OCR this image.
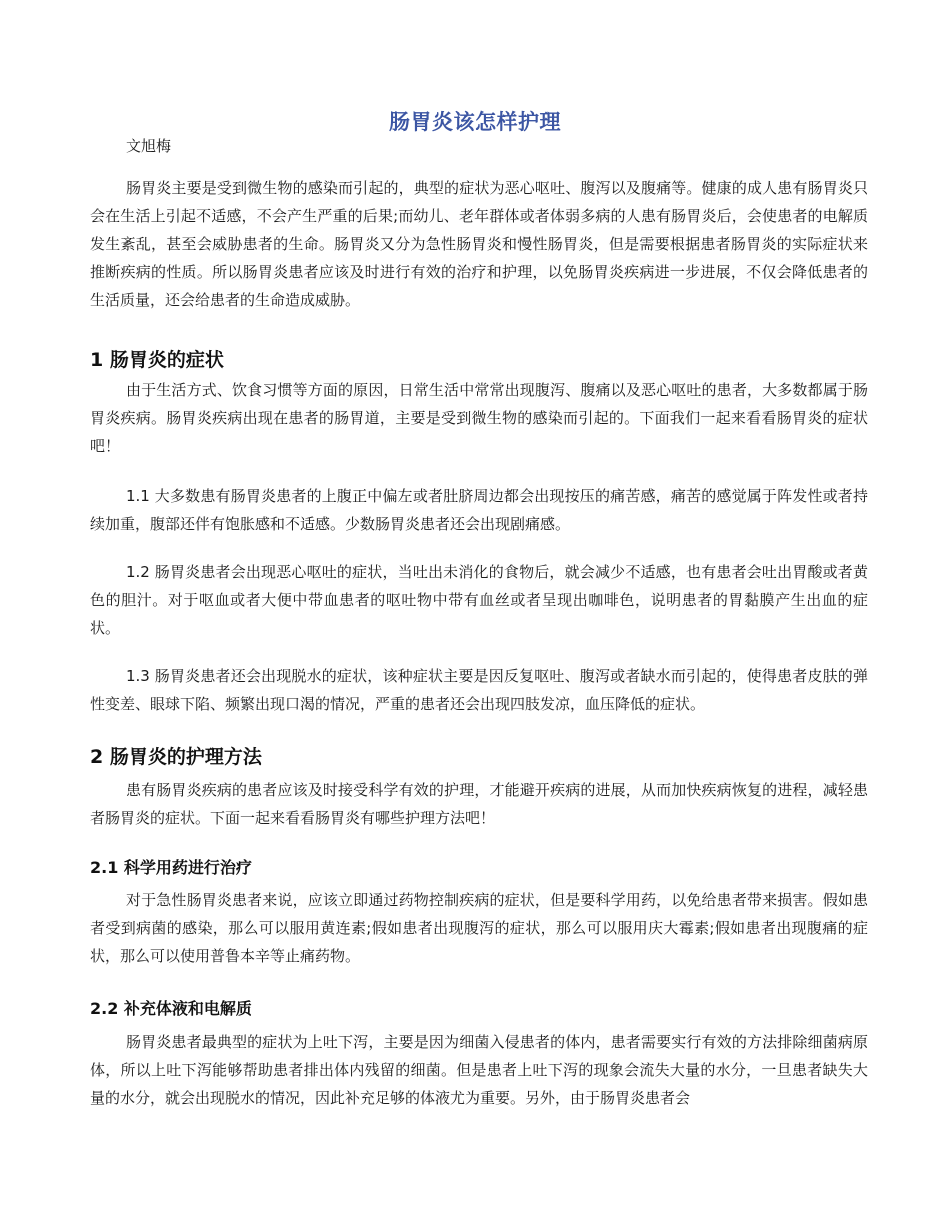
肠胃炎该怎样护理
文旭梅

肠胃炎主要是受到微生物的感染而引起的，典型的症状为恶心呕吐、腹泻以及腹痛等。健康的成人患有肠胃炎只会在生活上引起不适感，不会产生严重的后果;而幼儿、老年群体或者体弱多病的人患有肠胃炎后，会使患者的电解质发生紊乱，甚至会威胁患者的生命。肠胃炎又分为急性肠胃炎和慢性肠胃炎，但是需要根据患者肠胃炎的实际症状来推断疾病的性质。所以肠胃炎患者应该及时进行有效的治疗和护理，以免肠胃炎疾病进一步进展，不仅会降低患者的生活质量，还会给患者的生命造成威胁。

1 肠胃炎的症状

由于生活方式、饮食习惯等方面的原因，日常生活中常常出现腹泻、腹痛以及恶心呕吐的患者，大多数都属于肠胃炎疾病。肠胃炎疾病出现在患者的肠胃道，主要是受到微生物的感染而引起的。下面我们一起来看看肠胃炎的症状吧！

1.1 大多数患有肠胃炎患者的上腹正中偏左或者肚脐周边都会出现按压的痛苦感，痛苦的感觉属于阵发性或者持续加重，腹部还伴有饱胀感和不适感。少数肠胃炎患者还会出现剧痛感。

1.2 肠胃炎患者会出现恶心呕吐的症状，当吐出未消化的食物后，就会减少不适感，也有患者会吐出胃酸或者黄色的胆汁。对于呕血或者大便中带血患者的呕吐物中带有血丝或者呈现出咖啡色，说明患者的胃黏膜产生出血的症状。

1.3 肠胃炎患者还会出现脱水的症状，该种症状主要是因反复呕吐、腹泻或者缺水而引起的，使得患者皮肤的弹性变差、眼球下陷、频繁出现口渴的情况，严重的患者还会出现四肢发凉，血压降低的症状。

2 肠胃炎的护理方法

患有肠胃炎疾病的患者应该及时接受科学有效的护理，才能避开疾病的进展，从而加快疾病恢复的进程，减轻患者肠胃炎的症状。下面一起来看看肠胃炎有哪些护理方法吧！

2.1 科学用药进行治疗

对于急性肠胃炎患者来说，应该立即通过药物控制疾病的症状，但是要科学用药，以免给患者带来损害。假如患者受到病菌的感染，那么可以服用黄连素;假如患者出现腹泻的症状，那么可以服用庆大霉素;假如患者出现腹痛的症状，那么可以使用普鲁本辛等止痛药物。

2.2 补充体液和电解质

肠胃炎患者最典型的症状为上吐下泻，主要是因为细菌入侵患者的体内，患者需要实行有效的方法排除细菌病原体，所以上吐下泻能够帮助患者排出体内残留的细菌。但是患者上吐下泻的现象会流失大量的水分，一旦患者缺失大量的水分，就会出现脱水的情况，因此补充足够的体液尤为重要。另外，由于肠胃炎患者会
